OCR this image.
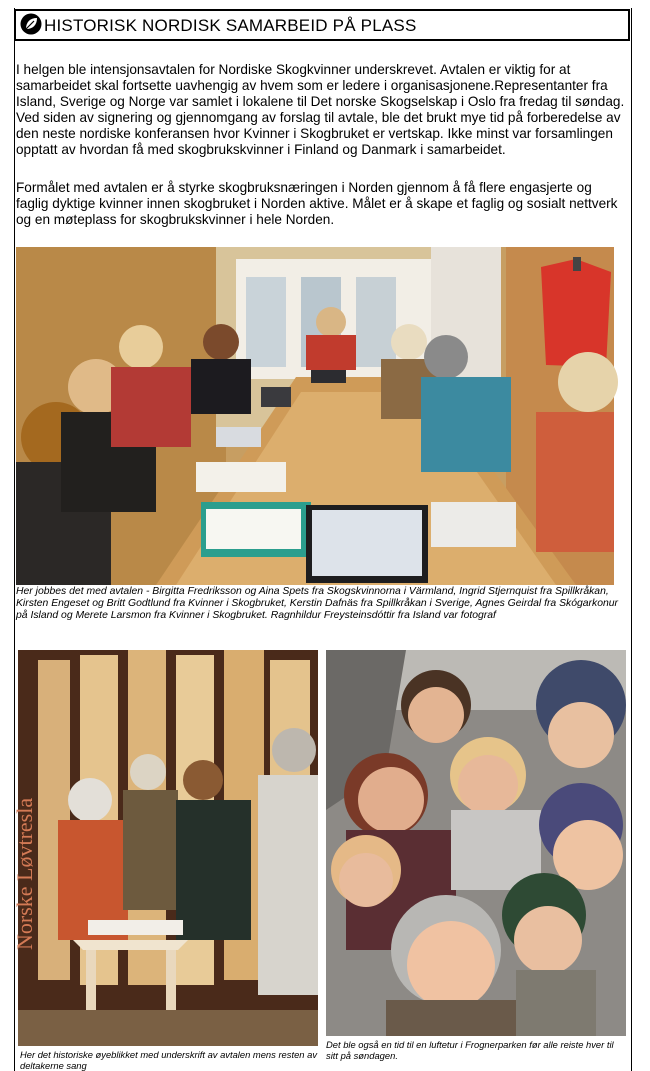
HISTORISK NORDISK SAMARBEID PÅ PLASS
I helgen ble intensjonsavtalen for Nordiske Skogkvinner underskrevet. Avtalen er viktig for at samarbeidet skal fortsette uavhengig av hvem som er ledere i organisasjonene.Representanter fra Island, Sverige og Norge var samlet i lokalene til Det norske Skogselskap i Oslo fra fredag til søndag. Ved siden av signering og gjennomgang av forslag til avtale, ble det brukt mye tid på forberedelse av den neste nordiske konferansen hvor Kvinner i Skogbruket er vertskap. Ikke minst var forsamlingen opptatt av hvordan få med skogbrukskvinner i Finland og Danmark i samarbeidet.
Formålet med avtalen er å styrke skogbruksnæringen i Norden gjennom å få flere engasjerte og faglig dyktige kvinner innen skogbruket i Norden aktive. Målet er å skape et faglig og sosialt nettverk og en møteplass for skogbrukskvinner i hele Norden.
Her jobbes det med avtalen - Birgitta Fredriksson og Aina Spets fra Skogskvinnorna i Värmland, Ingrid Stjernquist fra Spillkråkan, Kirsten Engeset og Britt Godtlund fra Kvinner i Skogbruket, Kerstin Dafnäs fra Spillkråkan i Sverige, Agnes Geirdal fra Skógarkonur på Island og Merete Larsmon fra Kvinner i Skogbruket. Ragnhildur Freysteinsdóttir fra Island var fotograf
Norske Løvtresla
Her det historiske øyeblikket med underskrift av avtalen mens resten av deltakerne sang
Det ble også en tid til en luftetur i Frognerparken før alle reiste hver til sitt på søndagen.
